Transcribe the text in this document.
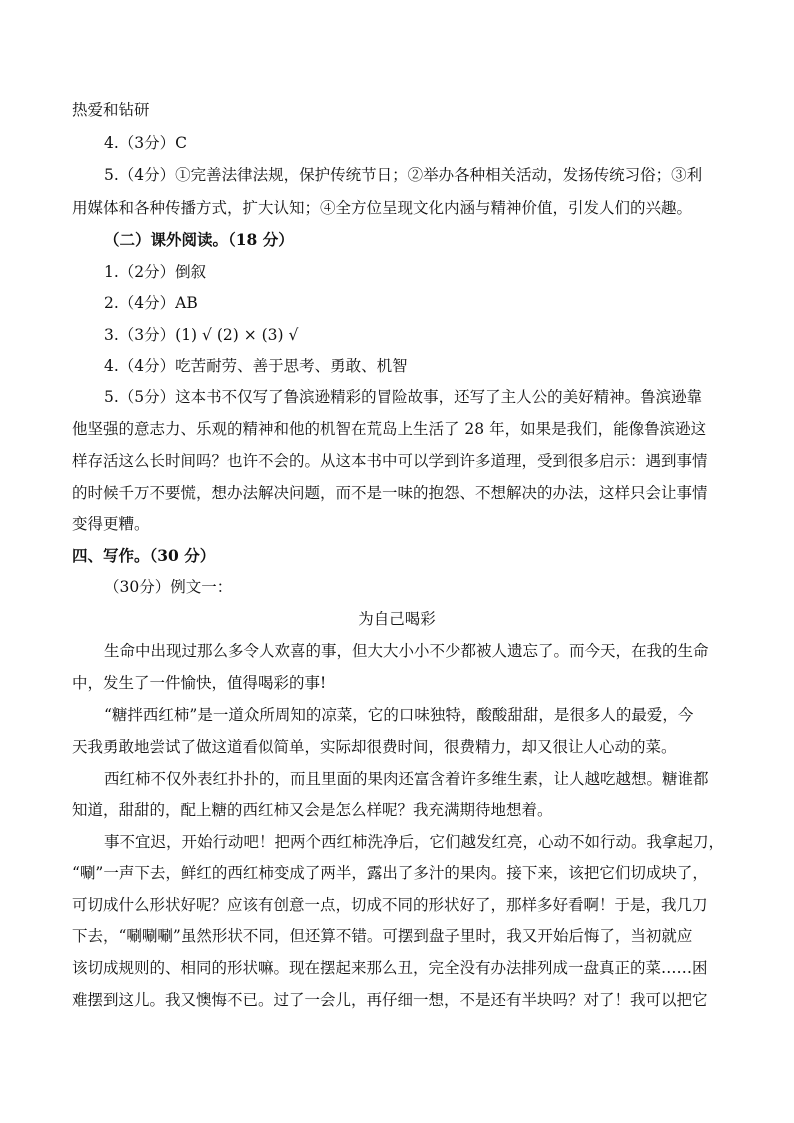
热爱和钻研
4.（3分）C
5.（4分）①完善法律法规，保护传统节日；②举办各种相关活动，发扬传统习俗；③利
用媒体和各种传播方式，扩大认知；④全方位呈现文化内涵与精神价值，引发人们的兴趣。
（二）课外阅读。（18 分）
1.（2分）倒叙
2.（4分）AB
3.（3分）(1) √ (2) × (3) √
4.（4分）吃苦耐劳、善于思考、勇敢、机智
5.（5分）这本书不仅写了鲁滨逊精彩的冒险故事，还写了主人公的美好精神。鲁滨逊靠
他坚强的意志力、乐观的精神和他的机智在荒岛上生活了 28 年，如果是我们，能像鲁滨逊这
样存活这么长时间吗？也许不会的。从这本书中可以学到许多道理，受到很多启示：遇到事情
的时候千万不要慌，想办法解决问题，而不是一味的抱怨、不想解决的办法，这样只会让事情
变得更糟。
四、写作。（30 分）
（30分）例文一：
为自己喝彩
生命中出现过那么多令人欢喜的事，但大大小小不少都被人遗忘了。而今天，在我的生命
中，发生了一件愉快，值得喝彩的事!
“糖拌西红柿”是一道众所周知的凉菜，它的口味独特，酸酸甜甜，是很多人的最爱，今
天我勇敢地尝试了做这道看似简单，实际却很费时间，很费精力，却又很让人心动的菜。
西红柿不仅外表红扑扑的，而且里面的果肉还富含着许多维生素，让人越吃越想。糖谁都
知道，甜甜的，配上糖的西红柿又会是怎么样呢？我充满期待地想着。
事不宜迟，开始行动吧！把两个西红柿洗净后，它们越发红亮，心动不如行动。我拿起刀，
“唰”一声下去，鲜红的西红柿变成了两半，露出了多汁的果肉。接下来，该把它们切成块了，
可切成什么形状好呢？应该有创意一点，切成不同的形状好了，那样多好看啊！于是，我几刀
下去，“唰唰唰”虽然形状不同，但还算不错。可摆到盘子里时，我又开始后悔了，当初就应
该切成规则的、相同的形状嘛。现在摆起来那么丑，完全没有办法排列成一盘真正的菜……困
难摆到这儿。我又懊悔不已。过了一会儿，再仔细一想，不是还有半块吗？对了！我可以把它
